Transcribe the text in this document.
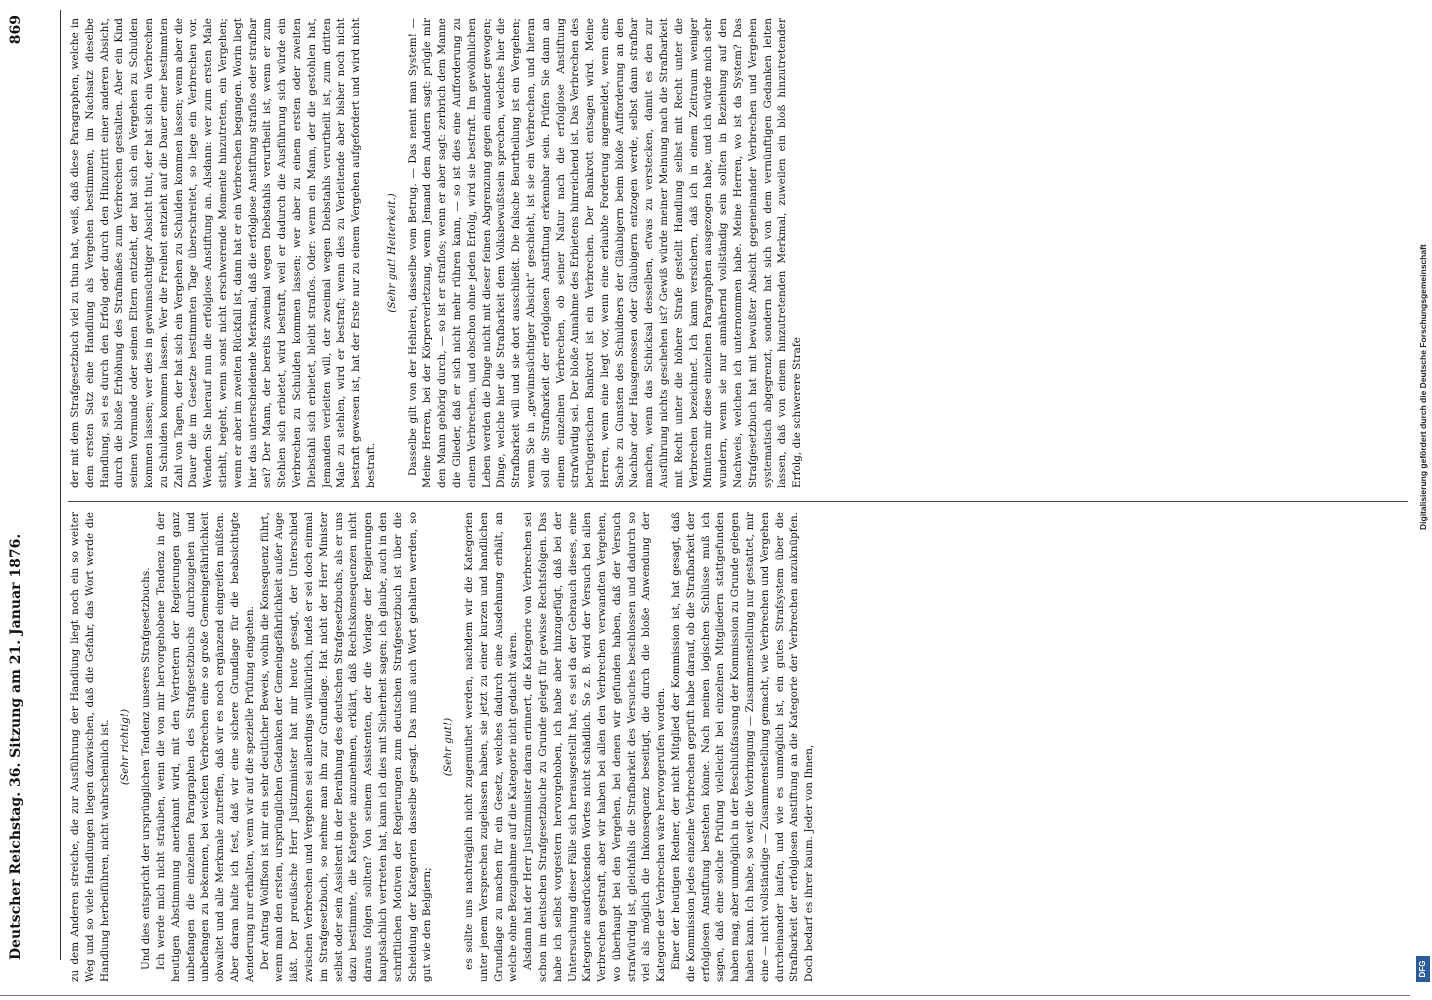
Deutscher Reichstag. 36. Sitzung am 21. Januar 1876.
869

zu dem Anderen streiche, die zur Ausführung der Handlung liegt noch ein so weiter Weg und so viele Handlungen liegen dazwischen, daß die Gefahr, das Wort werde die Handlung herbeiführen, nicht wahrscheinlich ist. (Sehr richtig!) Und dies entspricht der ursprünglichen Tendenz unseres Strafgesetzbuchs. Ich werde mich nicht sträuben, wenn die von mir hervorgehobene Tendenz in der heutigen Abstimmung anerkannt wird, mit den Vertretern der Regierungen ganz unbefangen die einzelnen Paragraphen des Strafgesetzbuchs durchzugehen und unbefangen zu bekennen, bei welchen Verbrechen eine so große Gemeingefährlichkeit obwaltet und alle Merkmale zutreffen, daß wir es noch ergänzend eingreifen müßten. Aber daran halte ich fest, daß wir eine sichere Grundlage für die beabsichtigte Aenderung nur erhalten, wenn wir auf die spezielle Prüfung eingehen. Der Antrag Wolffson ist mir ein sehr deutlicher Beweis, wohin die Konsequenz führt, wenn man den ersten, ursprünglichen Gedanken der Gemeingefährlichkeit außer Auge läßt. Der preußische Herr Justizminister hat mir heute gesagt, der Unterschied zwischen Verbrechen und Vergehen sei allerdings willkürlich, indeß er sei doch einmal im Strafgesetzbuch, so nehme man ihn zur Grundlage. Hat nicht der Herr Minister selbst oder sein Assistent in der Berathung des deutschen Strafgesetzbuchs, als er uns dazu bestimmte, die Kategorie anzunehmen, erklärt, daß Rechtskonsequenzen nicht daraus folgen sollten? Von seinem Assistenten, der die Vorlage der Regierungen hauptsächlich vertreten hat, kann ich dies mit Sicherheit sagen; ich glaube, auch in den schriftlichen Motiven der Regierungen zum deutschen Strafgesetzbuch ist über die Scheidung der Kategorien dasselbe gesagt. Das muß auch Wort gehalten werden, so gut wie den Belgiern;

(Sehr gut!) es sollte uns nachträglich nicht zugemuthet werden, nachdem wir die Kategorien unter jenem Versprechen zugelassen haben, sie jetzt zu einer kurzen und handlichen Grundlage zu machen für ein Gesetz, welches dadurch eine Ausdehnung erhält, an welche ohne Bezugnahme auf die Kategorie nicht gedacht wären. Alsdann hat der Herr Justizminister daran erinnert, die Kategorie von Verbrechen sei schon im deutschen Strafgesetzbuche zu Grunde gelegt für gewisse Rechtsfolgen. Das habe ich selbst vorgestern hervorgehoben, ich habe aber hinzugefügt, daß bei der Untersuchung dieser Fälle sich herausgestellt hat, es sei da der Gebrauch dieses, eine Kategorie ausdrückenden Wortes nicht schädlich. So z. B. wird der Versuch bei allen Verbrechen gestraft, aber wir haben bei allen den Verbrechen verwandten Vergehen, wo überhaupt bei den Vergehen, bei denen wir gefunden haben, daß der Versuch strafwürdig ist, gleichfalls die Strafbarkeit des Versuches beschlossen und dadurch so viel als möglich die Inkonsequenz beseitigt, die durch die bloße Anwendung der Kategorie der Verbrechen wäre hervorgerufen worden. Einer der heutigen Redner, der nicht Mitglied der Kommission ist, hat gesagt, daß die Kommission jedes einzelne Verbrechen geprüft habe darauf, ob die Strafbarkeit der erfolglosen Anstiftung bestehen könne. Nach meinen logischen Schlüsse muß ich sagen, daß eine solche Prüfung vielleicht bei einzelnen Mitgliedern stattgefunden haben mag, aber unmöglich in der Beschlußfassung der Kommission zu Grunde gelegen haben kann. Ich habe, so weit die Vorbringung — Zusammenstellung nur gestattet, mir eine — nicht vollständige — Zusammenstellung gemacht, wie Verbrechen und Vergehen durcheinander laufen, und wie es unmöglich ist, ein gutes Strafsystem über die Strafbarkeit der erfolglosen Anstiftung an die Kategorie der Verbrechen anzuknüpfen. Doch bedarf es ihrer kaum. Jeder von Ihnen,

der mit dem Strafgesetzbuch viel zu thun hat, weiß, daß diese Paragraphen, welche in dem ersten Satz eine Handlung als Vergehen bestimmen, im Nachsatz dieselbe Handlung, sei es durch den Erfolg oder durch den Hinzutritt einer anderen Absicht, durch die bloße Erhöhung des Strafmaßes zum Verbrechen gestalten. Aber ein Kind seinen Vormunde oder seinen Eltern entzieht, der hat sich ein Vergehen zu Schulden kommen lassen; wer dies in gewinnsüchtiger Absicht thut, der hat sich ein Verbrechen zu Schulden kommen lassen. Wer die Freiheit entzieht auf die Dauer einer bestimmten Zahl von Tagen, der hat sich ein Vergehen zu Schulden kommen lassen; wenn aber die Dauer die im Gesetze bestimmten Tage überschreitet, so liege ein Verbrechen vor. Wenden Sie hierauf nun die erfolglose Anstiftung an. Alsdann: wer zum ersten Male stiehlt, begeht, wenn sonst nicht erschwerende Momente hinzutreten, ein Vergehen; wenn er aber im zweiten Rückfall ist, dann hat er ein Verbrechen begangen. Worin liegt hier das unterscheidende Merkmal, daß die erfolglose Anstiftung straflos oder strafbar sei? Der Mann, der bereits zweimal wegen Diebstahls verurtheilt ist, wenn er zum Stehlen sich erbietet, wird bestraft, weil er dadurch die Ausführung sich würde ein Verbrechen zu Schulden kommen lassen; wer aber zu einem ersten oder zweiten Diebstahl sich erbietet, bleibt straflos. Oder: wenn ein Mann, der die gestohlen hat, Jemanden verleiten will, der zweimal wegen Diebstahls verurtheilt ist, zum dritten Male zu stehlen, wird er bestraft; wenn dies zu Verleitende aber bisher noch nicht bestraft gewesen ist, hat der Erste nur zu einem Vergehen aufgefordert und wird nicht bestraft.

(Sehr gut! Heiterkeit.) Dasselbe gilt von der Hehlerei, dasselbe vom Betrug. — Das nennt man System! — Meine Herren, bei der Körperverletzung, wenn Jemand dem Andern sagt: prügle mir den Mann gehörig durch, — so ist er straflos; wenn er aber sagt: zerbrich dem Manne die Glieder, daß er sich nicht mehr rühren kann, — so ist dies eine Aufforderung zu einem Verbrechen, und obschon ohne jeden Erfolg, wird sie bestraft. Im gewöhnlichen Leben werden die Dinge nicht mit dieser feinen Abgrenzung gegen einander gewogen; Dinge, welche hier die Strafbarkeit dem Volksbewußtsein sprechen, welches hier die Strafbarkeit will und sie dort ausschließt. Die falsche Beurtheilung ist ein Vergehen; wenn Sie in „gewinnsüchtiger Absicht“ geschieht, ist sie ein Verbrechen, und hieran soll die Strafbarkeit der erfolglosen Anstiftung erkennbar sein. Prüfen Sie dann an einem einzelnen Verbrechen, ob seiner Natur nach die erfolglose Anstiftung strafwürdig sei. Der bloße Annahme des Erbietens hinreichend ist. Das Verbrechen des betrügerischen Bankrott ist ein Verbrechen. Der Bankrott entsagen wird. Meine Herren, wenn eine liegt vor, wenn eine erlaubte Forderung angemeldet, wenn eine Sache zu Gunsten des Schuldners der Gläubigern beim bloße Aufforderung an den Nachbar oder Hausgenossen oder Gläubigern entzogen werde, selbst dann strafbar machen, wenn das Schicksal desselben, etwas zu verstecken, damit es den zur Ausführung nichts geschehen ist? Gewiß würde meiner Meinung nach die Strafbarkeit mit Recht unter die höhere Strafe gestellt Handlung selbst mit Recht unter die Verbrechen bezeichnet. Ich kann versichern, daß ich in einem Zeitraum weniger Minuten mir diese einzelnen Paragraphen ausgezogen habe, und ich würde mich sehr wundern, wenn sie nur annähernd vollständig sein sollten in Beziehung auf den Nachweis, welchen ich unternommen habe. Meine Herren, wo ist da System? Das Strafgesetzbuch hat mit bewußter Absicht gegeneinander Verbrechen und Vergehen systematisch abgegrenzt, sondern hat sich von dem vernünftigen Gedanken leiten lassen, daß von einem hinzutretenden Merkmal, zuweilen ein bloß hinzutretender Erfolg, die schwerere Strafe

DFG
Digitalisierung gefördert durch die Deutsche Forschungsgemeinschaft
